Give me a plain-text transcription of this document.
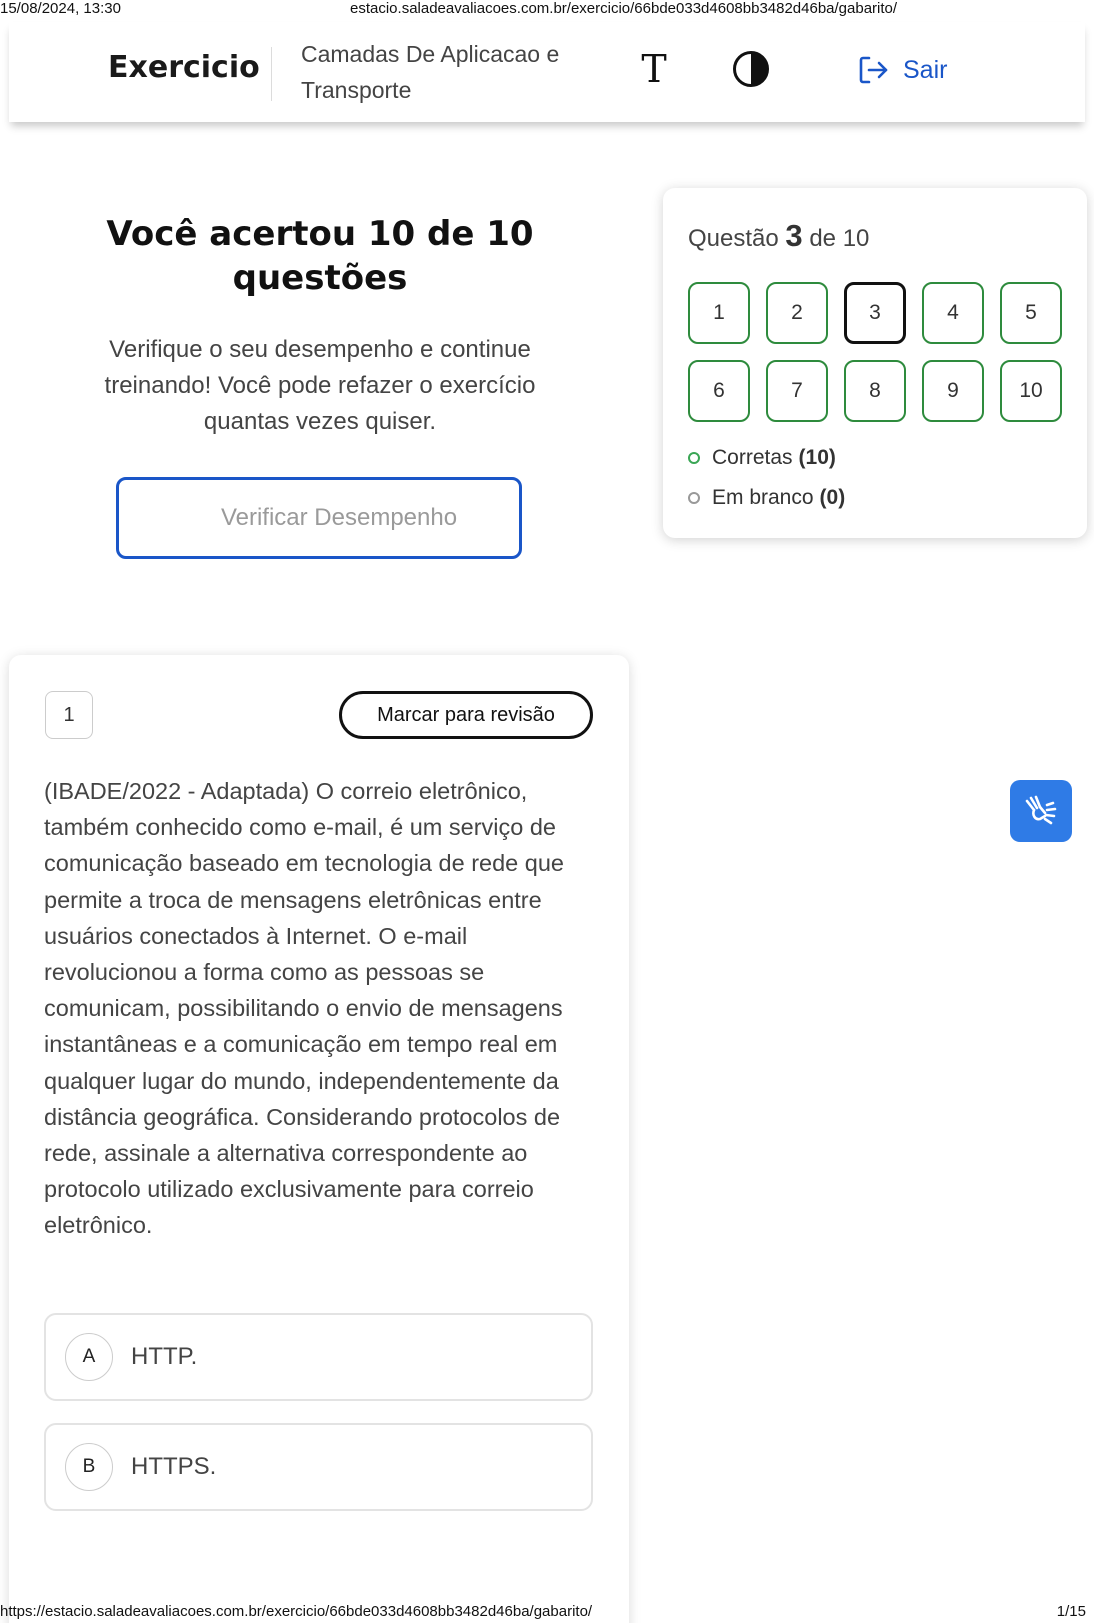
15/08/2024, 13:30	estacio.saladeavaliacoes.com.br/exercicio/66bde033d4608bb3482d46ba/gabarito/
Exercicio Camadas De Aplicacao e Transporte	T	Sair
Você acertou 10 de 10 questões

Verifique o seu desempenho e continue treinando! Você pode refazer o exercício quantas vezes quiser.

Verificar Desempenho
Questão 3 de 10
1	2	3	4	5
6	7	8	9	10
Corretas (10)
Em branco (0)
1	Marcar para revisão
(IBADE/2022 - Adaptada) O correio eletrônico, também conhecido como e-mail, é um serviço de comunicação baseado em tecnologia de rede que permite a troca de mensagens eletrônicas entre usuários conectados à Internet. O e-mail revolucionou a forma como as pessoas se comunicam, possibilitando o envio de mensagens instantâneas e a comunicação em tempo real em qualquer lugar do mundo, independentemente da distância geográfica. Considerando protocolos de rede, assinale a alternativa correspondente ao protocolo utilizado exclusivamente para correio eletrônico.
A	HTTP.
B	HTTPS.
https://estacio.saladeavaliacoes.com.br/exercicio/66bde033d4608bb3482d46ba/gabarito/	1/15
